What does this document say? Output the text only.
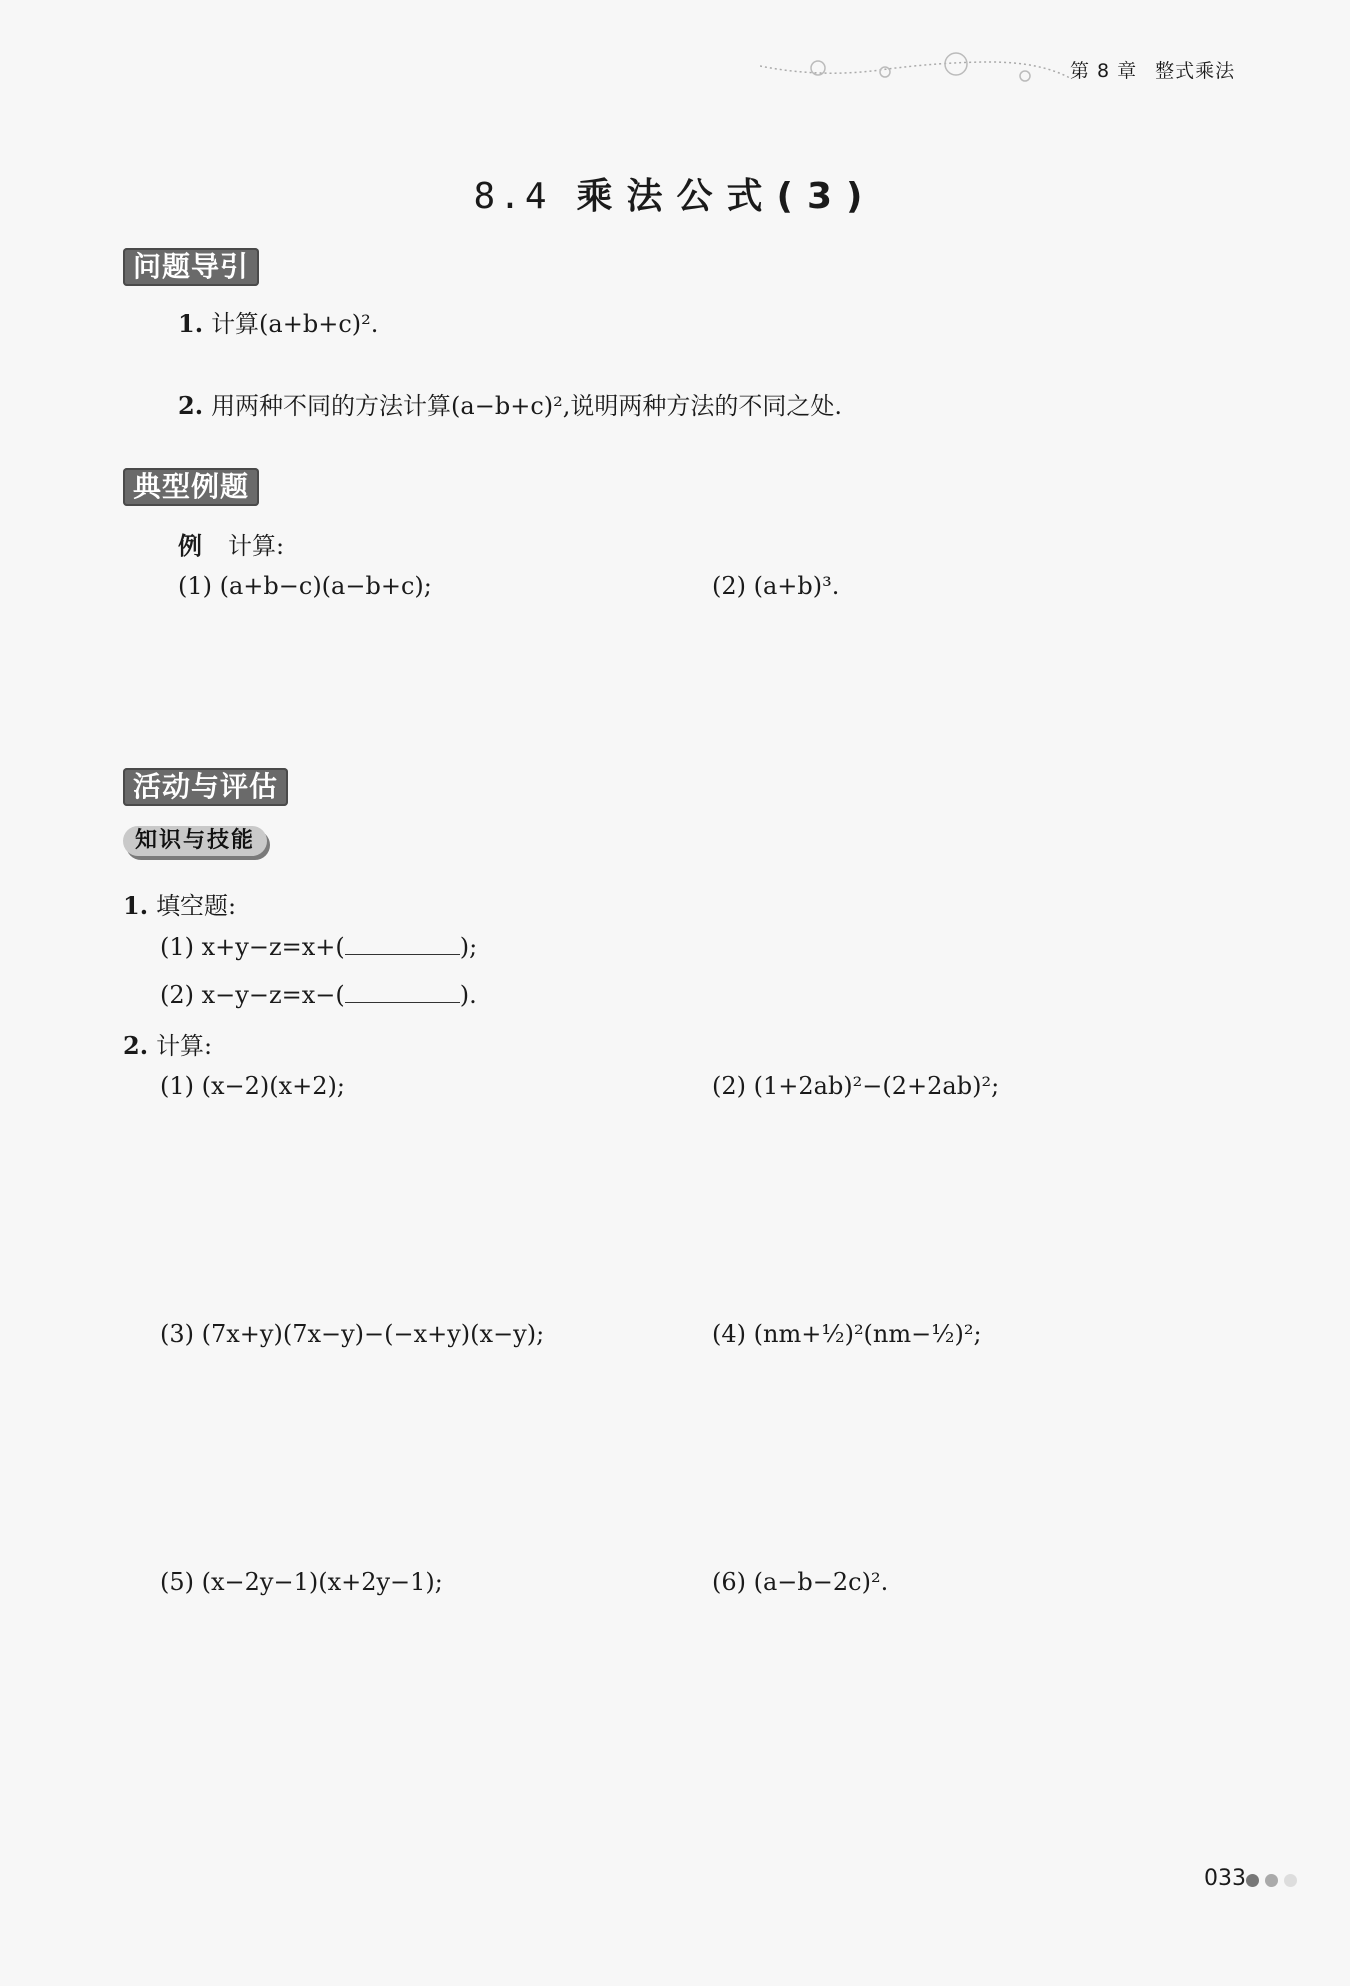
第 8 章 整式乘法
8.4 乘法公式(3)
问题导引
1. 计算(a+b+c)².
2. 用两种不同的方法计算(a−b+c)²,说明两种方法的不同之处.
典型例题
例 计算:
(1) (a+b−c)(a−b+c);	(2) (a+b)³.
活动与评估
知识与技能
1. 填空题:
(1) x+y−z=x+(	);
(2) x−y−z=x−(	).
2. 计算:
(1) (x−2)(x+2);	(2) (1+2ab)²−(2+2ab)²;
(3) (7x+y)(7x−y)−(−x+y)(x−y);	(4) (nm+½)²(nm−½)²;
(5) (x−2y−1)(x+2y−1);	(6) (a−b−2c)².
033
